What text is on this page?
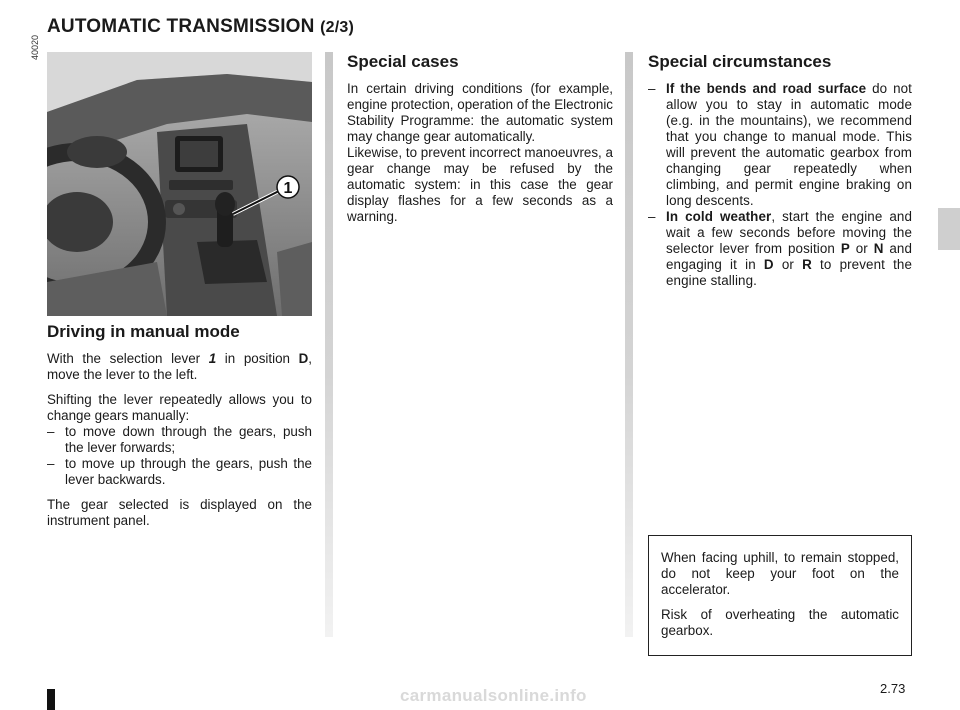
AUTOMATIC TRANSMISSION (2/3)
40020
1
Driving in manual mode

With the selection lever 1 in position D, move the lever to the left.

Shifting the lever repeatedly allows you to change gears manually:

– to move down through the gears, push the lever forwards;
– to move up through the gears, push the lever backwards.

The gear selected is displayed on the instrument panel.

Special cases

In certain driving conditions (for example, engine protection, operation of the Electronic Stability Programme: the automatic system may change gear automatically.

Likewise, to prevent incorrect manoeuvres, a gear change may be refused by the automatic system: in this case the gear display flashes for a few seconds as a warning.

Special circumstances
– If the bends and road surface do not allow you to stay in automatic mode (e.g. in the mountains), we recommend that you change to manual mode. This will prevent the automatic gearbox from changing gear repeatedly when climbing, and permit engine braking on long descents.
– In cold weather, start the engine and wait a few seconds before moving the selector lever from position P or N and engaging it in D or R to prevent the engine stalling.

When facing uphill, to remain stopped, do not keep your foot on the accelerator.

Risk of overheating the automatic gearbox.

2.73
carmanualsonline.info
